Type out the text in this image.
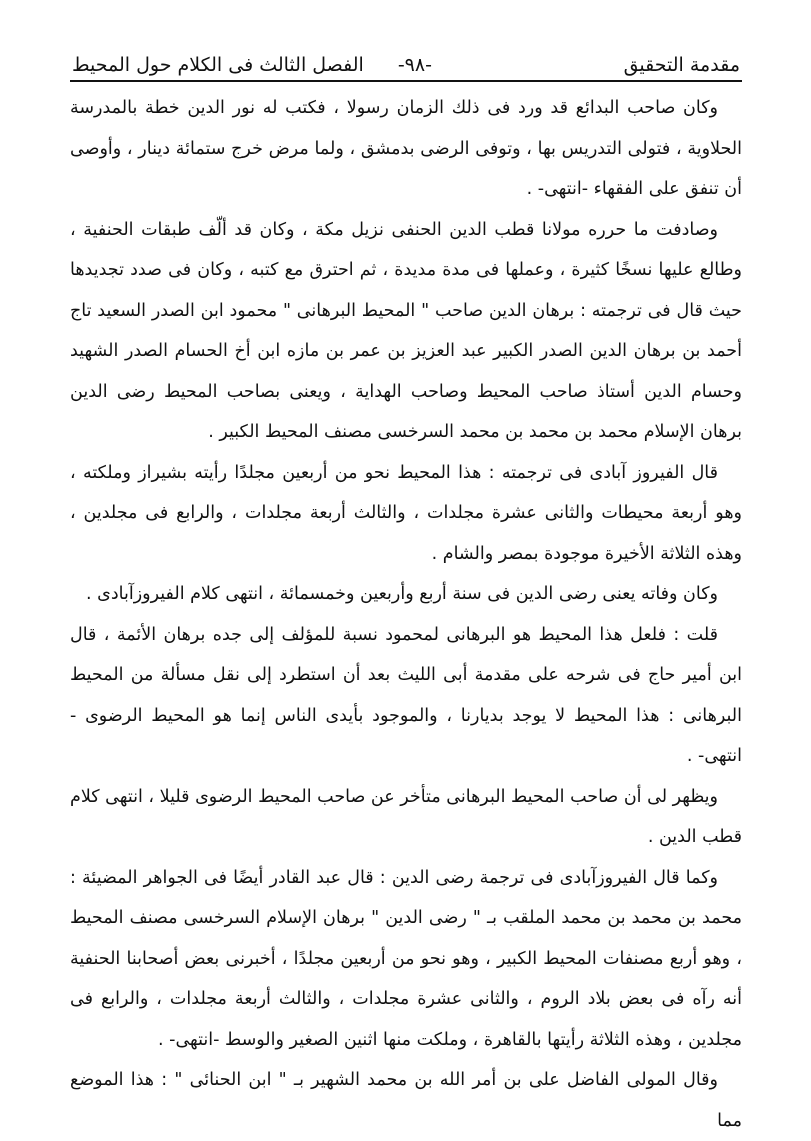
مقدمة التحقيق
-٩٨-
الفصل الثالث فى الكلام حول المحيط

وكان صاحب البدائع قد ورد فى ذلك الزمان رسولا ، فكتب له نور الدين خطة بالمدرسة الحلاوية ، فتولى التدريس بها ، وتوفى الرضى بدمشق ، ولما مرض خرج ستمائة دينار ، وأوصى أن تنفق على الفقهاء -انتهى- .

وصادفت ما حرره مولانا قطب الدين الحنفى نزيل مكة ، وكان قد ألّف طبقات الحنفية ، وطالع عليها نسخًا كثيرة ، وعملها فى مدة مديدة ، ثم احترق مع كتبه ، وكان فى صدد تجديدها حيث قال فى ترجمته : برهان الدين صاحب " المحيط البرهانى " محمود ابن الصدر السعيد تاج أحمد بن برهان الدين الصدر الكبير عبد العزيز بن عمر بن مازه ابن أخ الحسام الصدر الشهيد وحسام الدين أستاذ صاحب المحيط وصاحب الهداية ، ويعنى بصاحب المحيط رضى الدين برهان الإسلام محمد بن محمد بن محمد السرخسى مصنف المحيط الكبير .

قال الفيروز آبادى فى ترجمته : هذا المحيط نحو من أربعين مجلدًا رأيته بشيراز وملكته ، وهو أربعة محيطات والثانى عشرة مجلدات ، والثالث أربعة مجلدات ، والرابع فى مجلدين ، وهذه الثلاثة الأخيرة موجودة بمصر والشام .

وكان وفاته يعنى رضى الدين فى سنة أربع وأربعين وخمسمائة ، انتهى كلام الفيروزآبادى .

قلت : فلعل هذا المحيط هو البرهانى لمحمود نسبة للمؤلف إلى جده برهان الأئمة ، قال ابن أمير حاج فى شرحه على مقدمة أبى الليث بعد أن استطرد إلى نقل مسألة من المحيط البرهانى : هذا المحيط لا يوجد بديارنا ، والموجود بأيدى الناس إنما هو المحيط الرضوى - انتهى- .

ويظهر لى أن صاحب المحيط البرهانى متأخر عن صاحب المحيط الرضوى قليلا ، انتهى كلام قطب الدين .

وكما قال الفيروزآبادى فى ترجمة رضى الدين : قال عبد القادر أيضًا فى الجواهر المضيئة : محمد بن محمد بن محمد الملقب بـ " رضى الدين " برهان الإسلام السرخسى مصنف المحيط ، وهو أربع مصنفات المحيط الكبير ، وهو نحو من أربعين مجلدًا ، أخبرنى بعض أصحابنا الحنفية أنه رآه فى بعض بلاد الروم ، والثانى عشرة مجلدات ، والثالث أربعة مجلدات ، والرابع فى مجلدين ، وهذه الثلاثة رأيتها بالقاهرة ، وملكت منها اثنين الصغير والوسط -انتهى- .

وقال المولى الفاضل على بن أمر الله بن محمد الشهير بـ " ابن الحنائى " : هذا الموضع مما
